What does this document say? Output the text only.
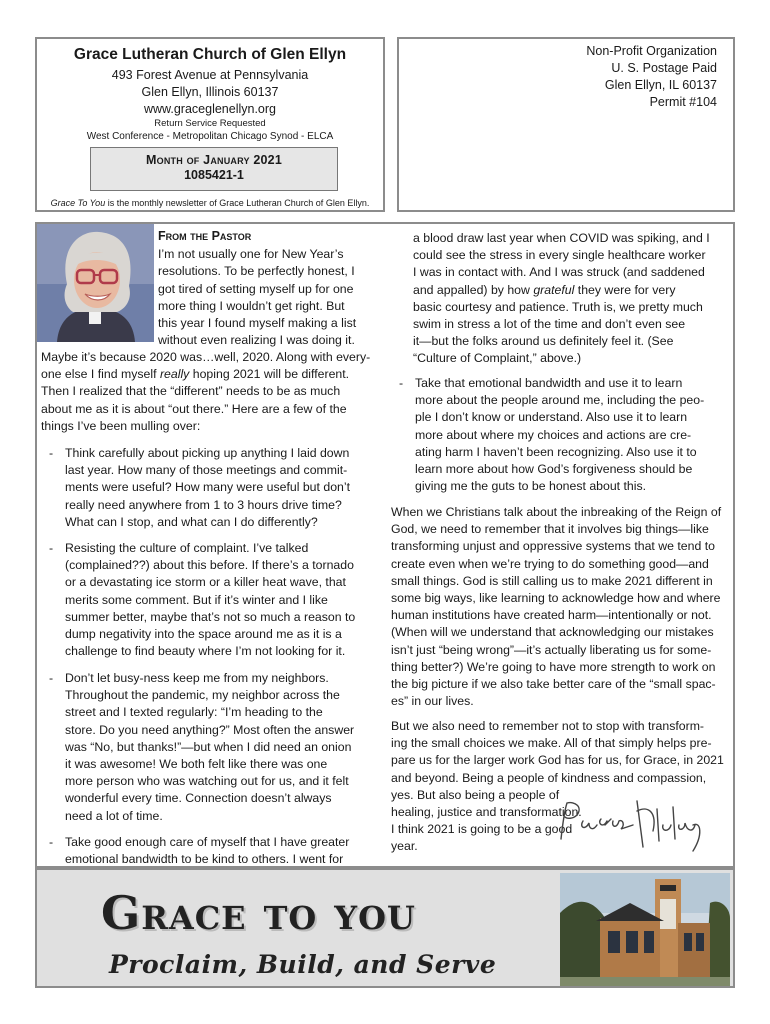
Grace Lutheran Church of Glen Ellyn
493 Forest Avenue at Pennsylvania
Glen Ellyn, Illinois 60137
www.graceglenellyn.org
Return Service Requested
West Conference - Metropolitan Chicago Synod - ELCA
Month of January 2021
1085421-1
Grace To You is the monthly newsletter of Grace Lutheran Church of Glen Ellyn.
Non-Profit Organization
U. S. Postage Paid
Glen Ellyn, IL 60137
Permit #104
From the Pastor
I’m not usually one for New Year’s
resolutions. To be perfectly honest, I
got tired of setting myself up for one
more thing I wouldn’t get right. But
this year I found myself making a list
without even realizing I was doing it.
Maybe it’s because 2020 was…well, 2020. Along with every-
one else I find myself really hoping 2021 will be different.
Then I realized that the “different” needs to be as much
about me as it is about “out there.” Here are a few of the
things I’ve been mulling over:
- Think carefully about picking up anything I laid down
last year. How many of those meetings and commit-
ments were useful? How many were useful but don’t
really need anywhere from 1 to 3 hours drive time?
What can I stop, and what can I do differently?
- Resisting the culture of complaint. I’ve talked
(complained??) about this before. If there’s a tornado
or a devastating ice storm or a killer heat wave, that
merits some comment. But if it’s winter and I like
summer better, maybe that’s not so much a reason to
dump negativity into the space around me as it is a
challenge to find beauty where I’m not looking for it.
- Don’t let busy-ness keep me from my neighbors.
Throughout the pandemic, my neighbor across the
street and I texted regularly: “I’m heading to the
store. Do you need anything?” Most often the answer
was “No, but thanks!”—but when I did need an onion
it was awesome! We both felt like there was one
more person who was watching out for us, and it felt
wonderful every time. Connection doesn’t always
need a lot of time.
- Take good enough care of myself that I have greater
emotional bandwidth to be kind to others. I went for
a blood draw last year when COVID was spiking, and I
could see the stress in every single healthcare worker
I was in contact with. And I was struck (and saddened
and appalled) by how grateful they were for very
basic courtesy and patience. Truth is, we pretty much
swim in stress a lot of the time and don’t even see
it—but the folks around us definitely feel it. (See
“Culture of Complaint,” above.)
- Take that emotional bandwidth and use it to learn
more about the people around me, including the peo-
ple I don’t know or understand. Also use it to learn
more about where my choices and actions are cre-
ating harm I haven’t been recognizing. Also use it to
learn more about how God’s forgiveness should be
giving me the guts to be honest about this.
When we Christians talk about the inbreaking of the Reign of
God, we need to remember that it involves big things—like
transforming unjust and oppressive systems that we tend to
create even when we’re trying to do something good—and
small things. God is still calling us to make 2021 different in
some big ways, like learning to acknowledge how and where
human institutions have created harm—intentionally or not.
(When will we understand that acknowledging our mistakes
isn’t just “being wrong”—it’s actually liberating us for some-
thing better?) We’re going to have more strength to work on
the big picture if we also take better care of the “small spac-
es” in our lives.
But we also need to remember not to stop with transform-
ing the small choices we make. All of that simply helps pre-
pare us for the larger work God has for us, for Grace, in 2021
and beyond. Being a people of kindness and compassion,
yes. But also being a people of
healing, justice and transformation.
I think 2021 is going to be a good
year.
Pastor Melody
Grace to you
Proclaim, Build, and Serve
